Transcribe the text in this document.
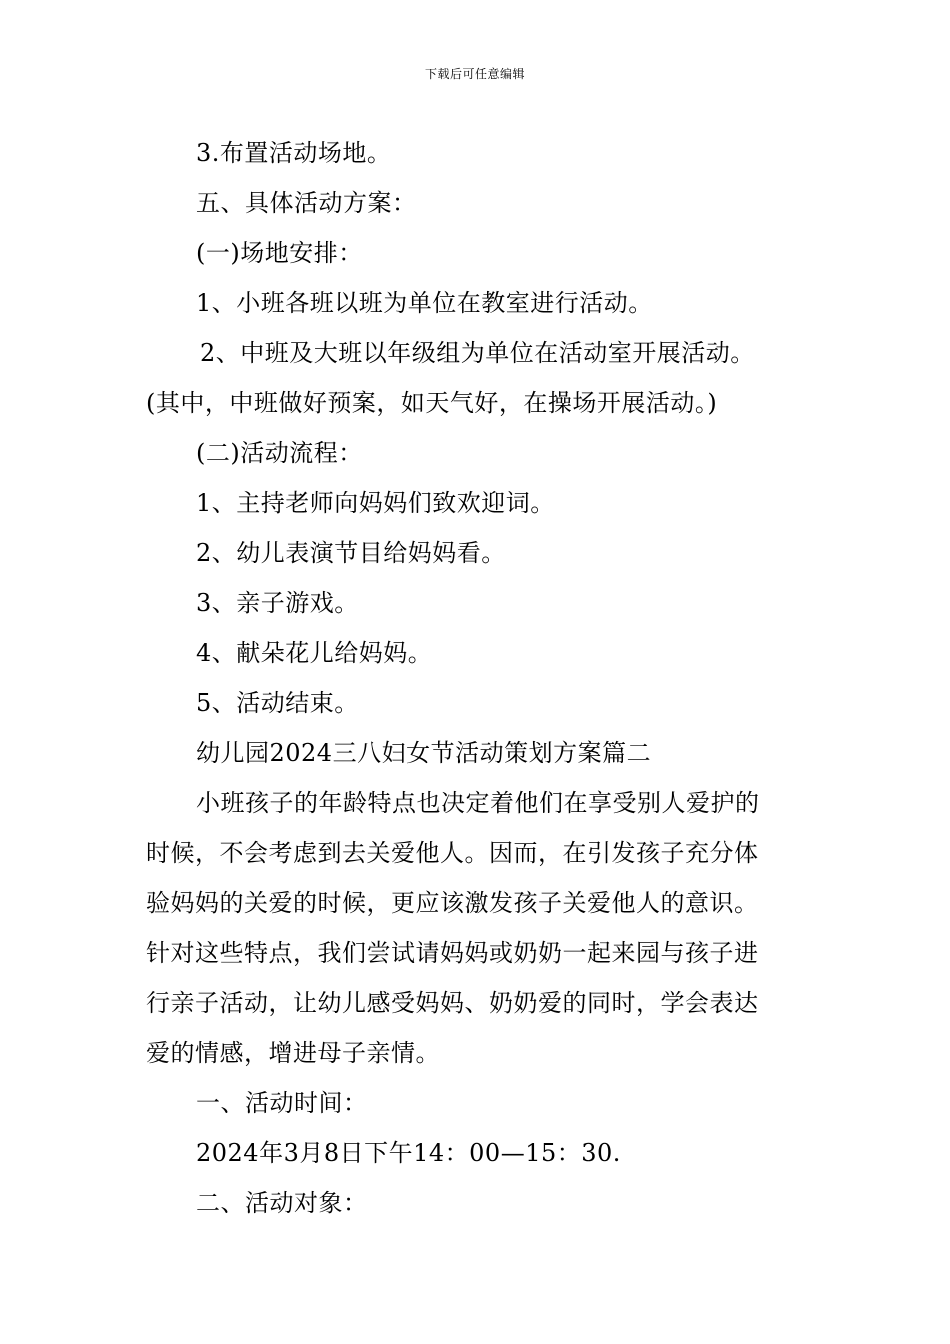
下载后可任意编辑
3.布置活动场地。
五、具体活动方案：
(一)场地安排：
1、小班各班以班为单位在教室进行活动。
2、中班及大班以年级组为单位在活动室开展活动。
(其中，中班做好预案，如天气好，在操场开展活动。)
(二)活动流程：
1、主持老师向妈妈们致欢迎词。
2、幼儿表演节目给妈妈看。
3、亲子游戏。
4、献朵花儿给妈妈。
5、活动结束。
幼儿园2024三八妇女节活动策划方案篇二
小班孩子的年龄特点也决定着他们在享受别人爱护的
时候，不会考虑到去关爱他人。因而，在引发孩子充分体
验妈妈的关爱的时候，更应该激发孩子关爱他人的意识。
针对这些特点，我们尝试请妈妈或奶奶一起来园与孩子进
行亲子活动，让幼儿感受妈妈、奶奶爱的同时，学会表达
爱的情感，增进母子亲情。
一、活动时间：
2024年3月8日下午14：00—15：30.
二、活动对象：
